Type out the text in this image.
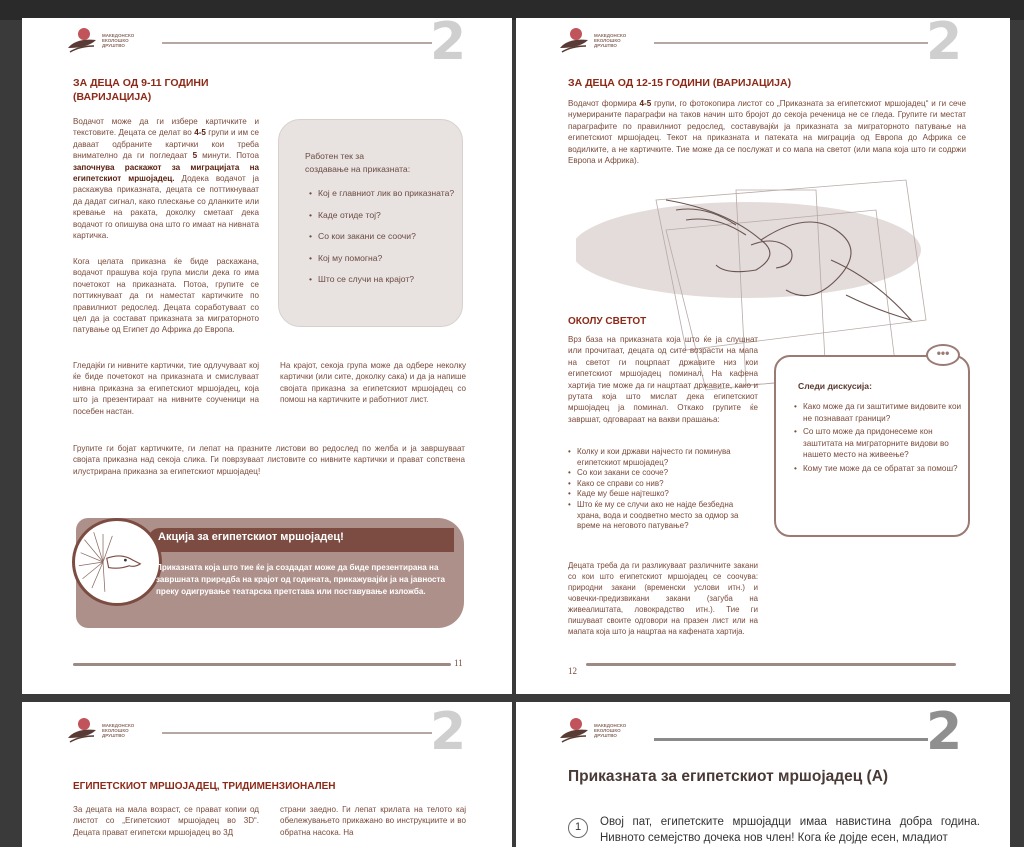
МАКЕДОНСКО
ЕКОЛОШКО
ДРУШТВО	2
ЗА ДЕЦА ОД 9-11 ГОДИНИ
(ВАРИЈАЦИЈА)
Водачот може да ги избере картичките и текстовите. Децата се делат во 4-5 групи и им се даваат одбраните картички кои треба внимателно да ги погледаат 5 минути. Потоа започнува раскажот за миграцијата на египетскиот мршојадец. Додека водачот ја раскажува приказната, децата се поттикнуваат да дадат сигнал, како плескање со дланките или кревање на раката, доколку сметаат дека водачот го опишува она што го имаат на нивната картичка.
Кога целата приказна ќе биде раскажана, водачот прашува која група мисли дека го има почетокот на приказната. Потоа, групите се поттикнуваат да ги наместат картичките по правилниот редослед. Децата соработуваат со цел да ја состават приказната за миграторното патување од Египет до Африка до Европа.
Работен тек за
создавање на приказната:
• Кој е главниот лик во приказната?
• Каде отиде тој?
• Со кои закани се соочи?
• Кој му помогна?
• Што се случи на крајот?
Гледајќи ги нивните картички, тие одлучуваат кој ќе биде почетокот на приказната и смислуваат нивна приказна за египетскиот мршојадец, која што ја презентираат на нивните соученици на посебен настан.
На крајот, секоја група може да одбере неколку картички (или сите, доколку сака) и да ја напише својата приказна за египетскиот мршојадец со помош на картичките и работниот лист.
Групите ги бојат картичките, ги лепат на празните листови во редослед по желба и ја завршуваат својата приказна над секоја слика. Ги поврзуваат листовите со нивните картички и прават сопствена илустрирана приказна за египетскиот мршојадец!
Акција за египетскиот мршојадец!
Приказната која што тие ќе ја создадат може да биде презентирана на завршната приредба на крајот од годината, прикажувајќи ја на јавноста преку одигрување театарска претстава или поставување изложба.
11
МАКЕДОНСКО
ЕКОЛОШКО
ДРУШТВО	2
ЗА ДЕЦА ОД 12-15 ГОДИНИ (ВАРИЈАЦИЈА)
Водачот формира 4-5 групи, го фотокопира листот со „Приказната за египетскиот мршојадец“ и ги сече нумерираните параграфи на таков начин што бројот до секоја реченица не се гледа. Групите ги местат параграфите по правилниот редослед, составувајќи ја приказната за миграторното патување на египетскиот мршојадец. Текот на приказната и патеката на миграција од Европа до Африка се водилките, а не картичките. Тие може да се послужат и со мапа на светот (или мапа која што ги содржи Европа и Африка).
ОКОЛУ СВЕТОТ
Врз база на приказната која што ќе ја слушнат или прочитаат, децата од сите возрасти на мапа на светот ги поцрпаат државите низ кои египетскиот мршојадец поминал. На кафена хартија тие може да ги нацртаат државите, како и рутата која што мислат дека египетскиот мршојадец ја поминал. Откако групите ќе завршат, одговараат на вакви прашања:
• Колку и кои држави најчесто ги поминува египетскиот мршојадец?
• Со кои закани се сооче?
• Како се справи со нив?
• Каде му беше најтешко?
• Што ќе му се случи ако не најде безбедна храна, вода и соодветно место за одмор за време на неговото патување?
Децата треба да ги разликуваат различните закани со кои што египетскиот мршојадец се соочува: природни закани (временски услови итн.) и човечки-предизвикани закани (загуба на живеалиштата, ловокрадство итн.). Тие ги пишуваат своите одговори на празен лист или на мапата која што ја нацртаа на кафената хартија.
Следи дискусија:
• Како може да ги заштитиме видовите кои не познаваат граници?
• Со што може да придонесеме кон заштитата на миграторните видови во нашето место на живеење?
• Кому тие може да се обратат за помош?
•••
12
МАКЕДОНСКО
ЕКОЛОШКО
ДРУШТВО	2
ЕГИПЕТСКИОТ МРШОЈАДЕЦ, ТРИДИМЕНЗИОНАЛЕН
За децата на мала возраст, се прават копии од листот со „Египетскиот мршојадец во 3D“. Децата прават египетски мршојадец во 3Д
страни заедно. Ги лепат крилата на телото кај обележувањето прикажано во инструкциите и во обратна насока. На
МАКЕДОНСКО
ЕКОЛОШКО
ДРУШТВО	2
Приказната за египетскиот мршојадец (А)
1	Овој пат, египетските мршојадци имаа навистина добра година. Нивното семејство дочека нов член! Кога ќе дојде есен, младиот
